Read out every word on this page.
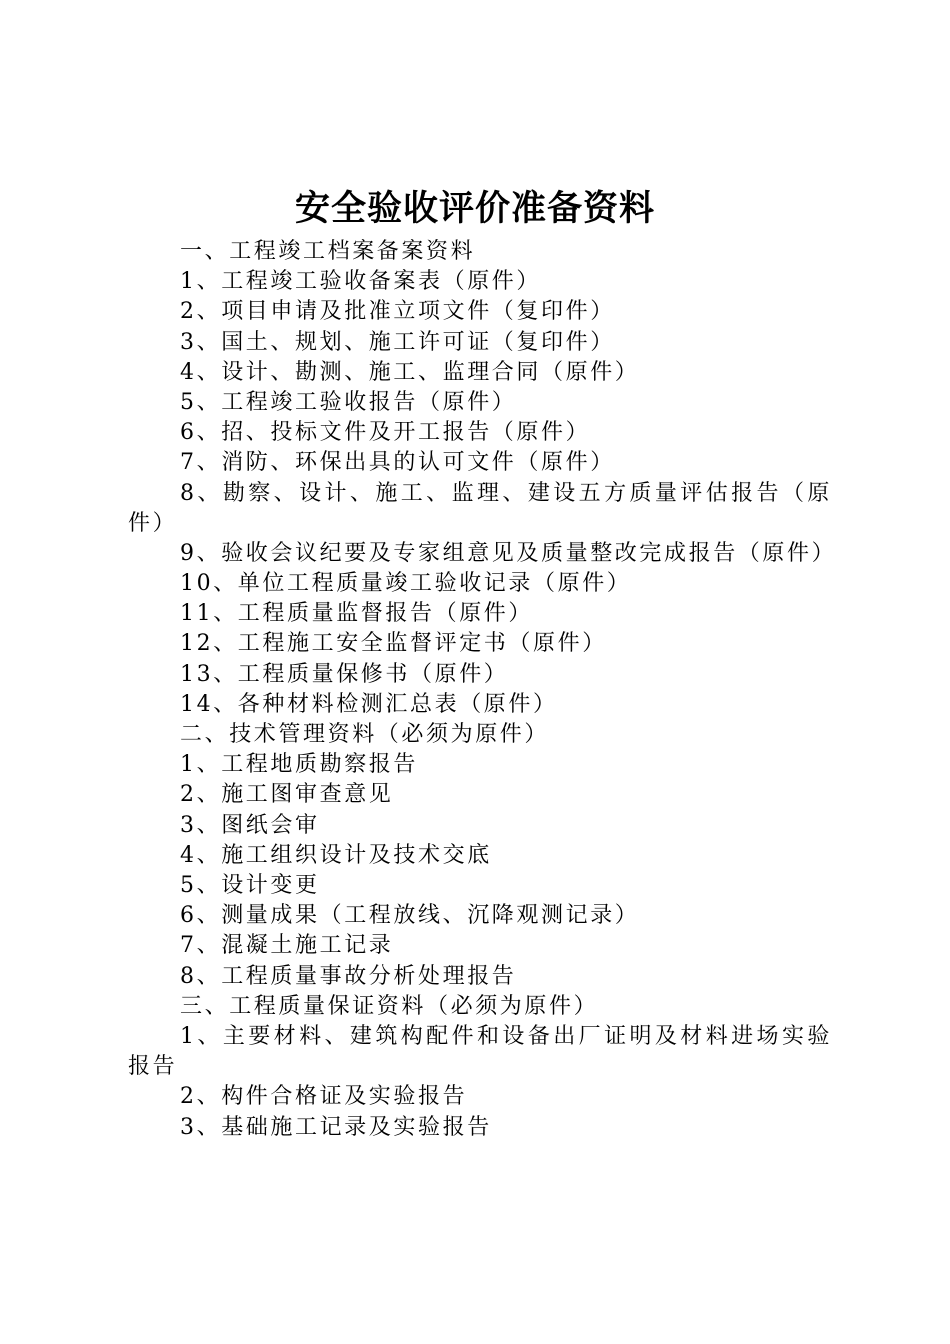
安全验收评价准备资料
一、工程竣工档案备案资料
1、工程竣工验收备案表（原件）
2、项目申请及批准立项文件（复印件）
3、国土、规划、施工许可证（复印件）
4、设计、勘测、施工、监理合同（原件）
5、工程竣工验收报告（原件）
6、招、投标文件及开工报告（原件）
7、消防、环保出具的认可文件（原件）
8、勘察、设计、施工、监理、建设五方质量评估报告（原件）
9、验收会议纪要及专家组意见及质量整改完成报告（原件）
10、单位工程质量竣工验收记录（原件）
11、工程质量监督报告（原件）
12、工程施工安全监督评定书（原件）
13、工程质量保修书（原件）
14、各种材料检测汇总表（原件）
二、技术管理资料（必须为原件）
1、工程地质勘察报告
2、施工图审查意见
3、图纸会审
4、施工组织设计及技术交底
5、设计变更
6、测量成果（工程放线、沉降观测记录）
7、混凝土施工记录
8、工程质量事故分析处理报告
三、工程质量保证资料（必须为原件）
1、主要材料、建筑构配件和设备出厂证明及材料进场实验报告
2、构件合格证及实验报告
3、基础施工记录及实验报告
